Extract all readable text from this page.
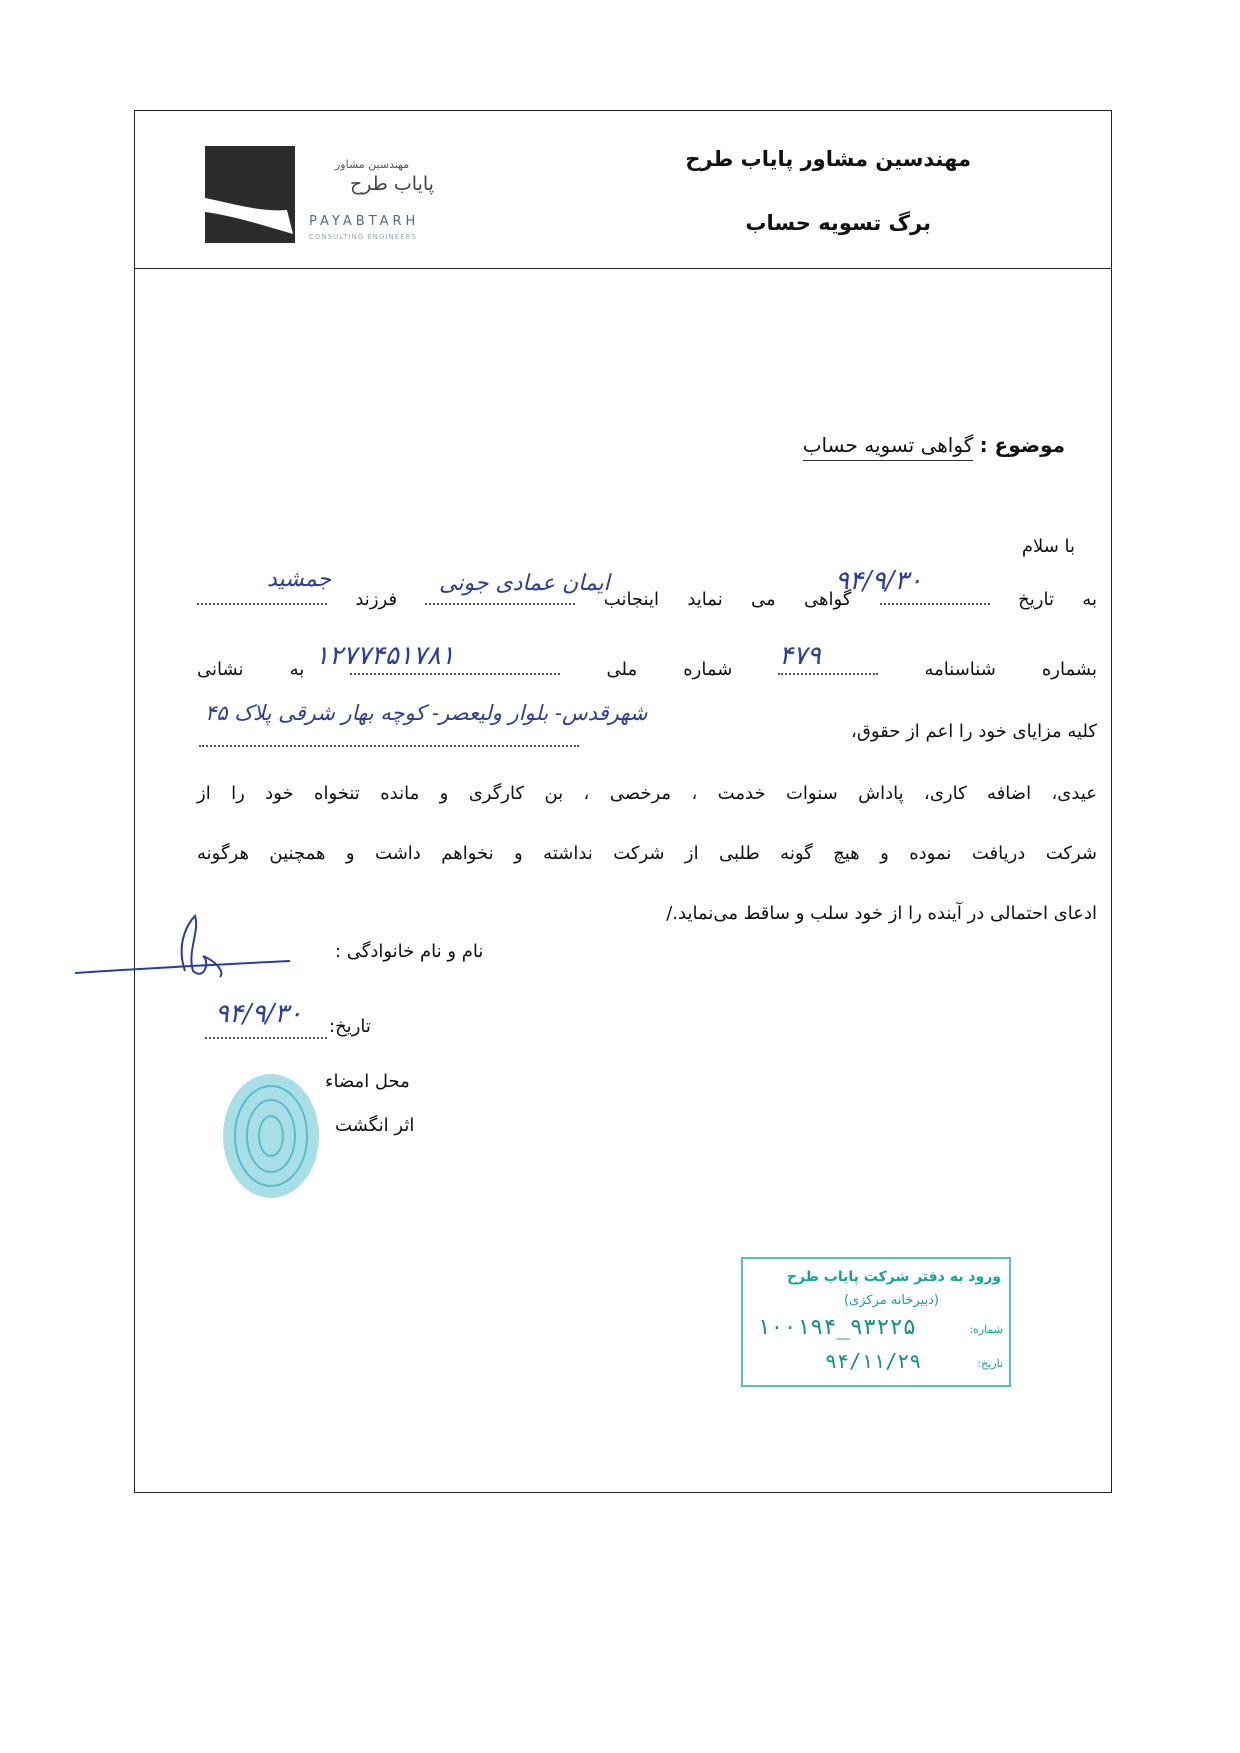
مهندسین مشاور
پایاب طرح
PAYABTARH
CONSULTING ENGINEERS
مهندسین مشاور پایاب طرح
برگ تسویه حساب
موضوع : گواهی تسویه حساب
با سلام
به تاریخ  گواهی می نماید اینجانب  فرزند
بشماره شناسنامه  شماره ملی  به نشانی
کلیه مزایای خود را اعم از حقوق،
عیدی، اضافه کاری، پاداش سنوات خدمت ، مرخصی ، بن کارگری و مانده تنخواه خود را از
شرکت دریافت نموده و هیچ گونه طلبی از شرکت نداشته و نخواهم داشت و همچنین هرگونه
ادعای احتمالی در آینده را از خود سلب و ساقط می‌نماید./
۹۴/۹/۳۰
ایمان عمادی جونی
جمشید
۴۷۹
۱۲۷۷۴۵۱۷۸۱
شهرقدس- بلوار ولیعصر- کوچه بهار شرقی پلاک ۴۵
نام و نام خانوادگی :
تاریخ:
۹۴/۹/۳۰
محل امضاء
اثر انگشت
ورود به دفتر شرکت پایاب طرح
(دبیرخانه مرکزی)
شماره:
۱۰۰۱۹۴_۹۳۲۲۵
تاریخ:
۹۴/۱۱/۲۹
